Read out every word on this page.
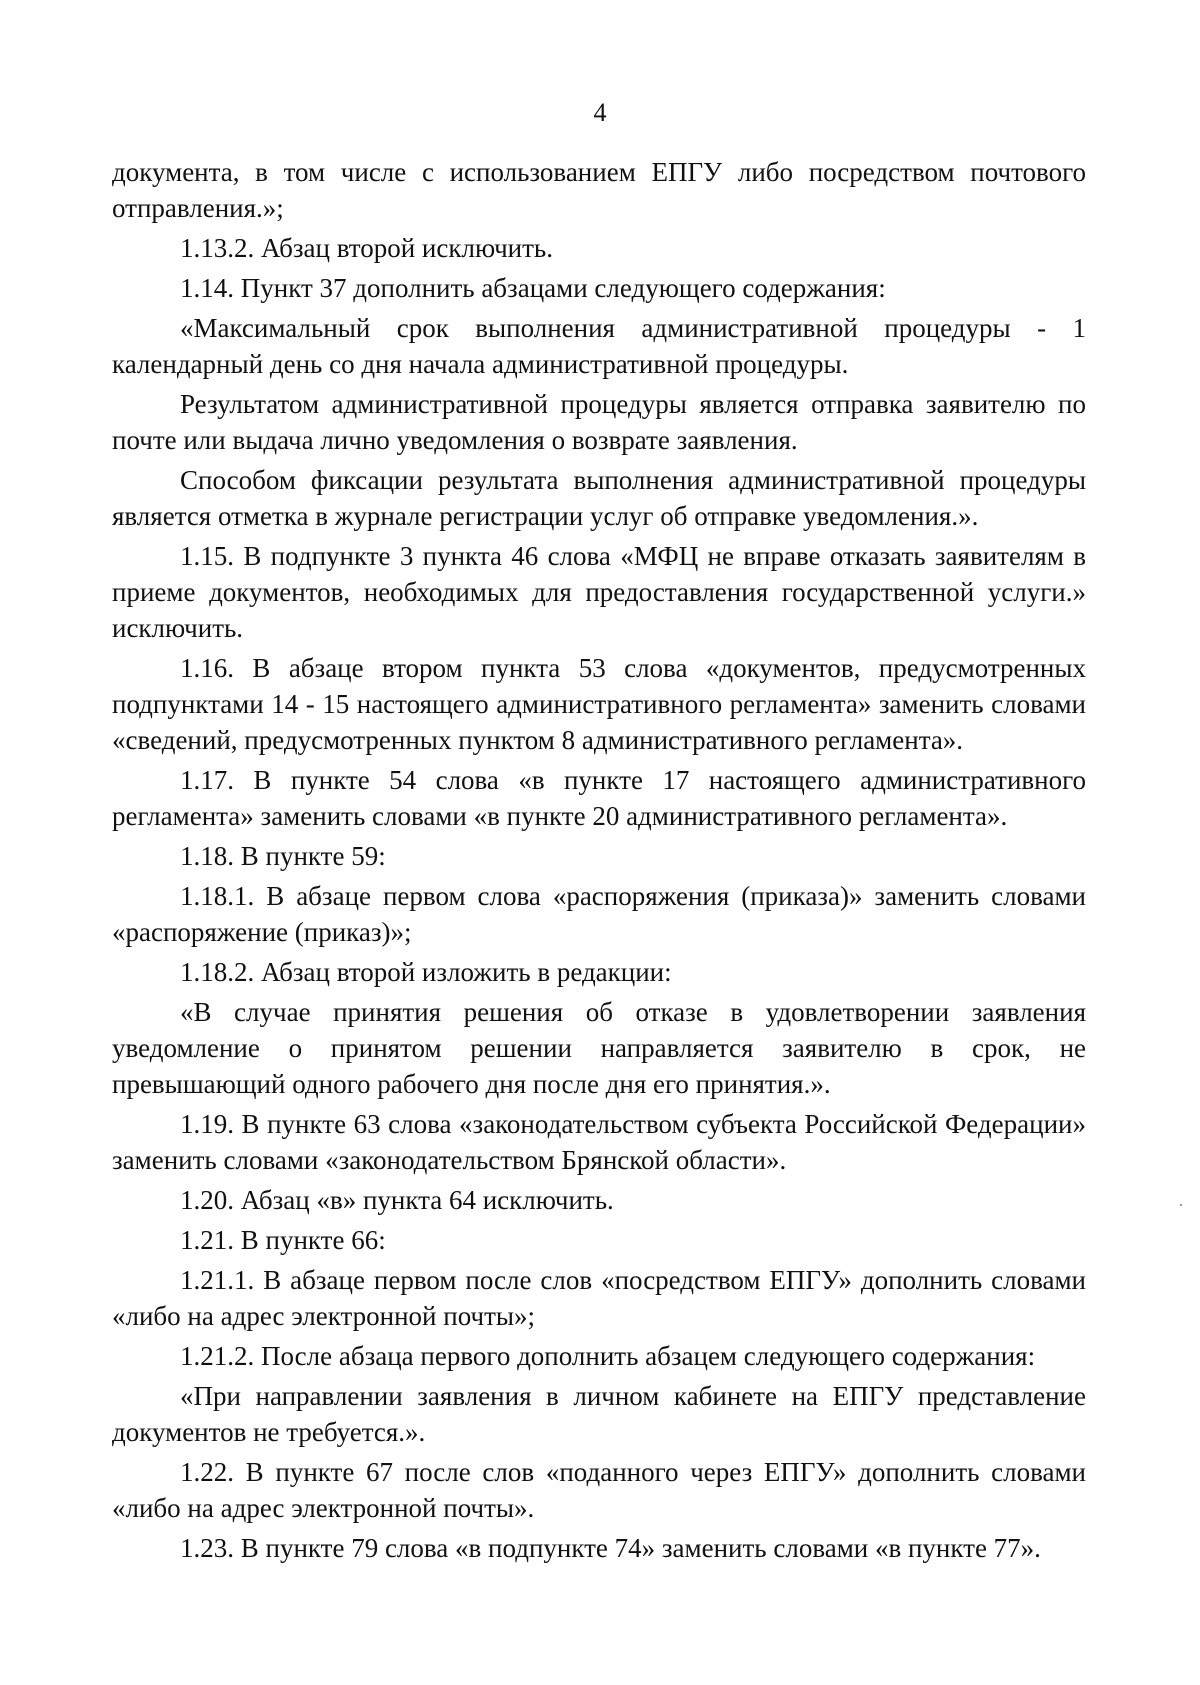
4

документа, в том числе с использованием ЕПГУ либо посредством почтового отправления.»;

1.13.2. Абзац второй исключить.

1.14. Пункт 37 дополнить абзацами следующего содержания:

«Максимальный срок выполнения административной процедуры - 1 календарный день со дня начала административной процедуры.

Результатом административной процедуры является отправка заявителю по почте или выдача лично уведомления о возврате заявления.

Способом фиксации результата выполнения административной процедуры является отметка в журнале регистрации услуг об отправке уведомления.».

1.15. В подпункте 3 пункта 46 слова «МФЦ не вправе отказать заявителям в приеме документов, необходимых для предоставления государственной услуги.» исключить.

1.16. В абзаце втором пункта 53 слова «документов, предусмотренных подпунктами 14 - 15 настоящего административного регламента» заменить словами «сведений, предусмотренных пунктом 8 административного регламента».

1.17. В пункте 54 слова «в пункте 17 настоящего административного регламента» заменить словами «в пункте 20 административного регламента».

1.18. В пункте 59:

1.18.1. В абзаце первом слова «распоряжения (приказа)» заменить словами «распоряжение (приказ)»;

1.18.2. Абзац второй изложить в редакции:

«В случае принятия решения об отказе в удовлетворении заявления уведомление о принятом решении направляется заявителю в срок, не превышающий одного рабочего дня после дня его принятия.».

1.19. В пункте 63 слова «законодательством субъекта Российской Федерации» заменить словами «законодательством Брянской области».

1.20. Абзац «в» пункта 64 исключить.

1.21. В пункте 66:

1.21.1. В абзаце первом после слов «посредством ЕПГУ» дополнить словами «либо на адрес электронной почты»;

1.21.2. После абзаца первого дополнить абзацем следующего содержания:

«При направлении заявления в личном кабинете на ЕПГУ представление документов не требуется.».

1.22. В пункте 67 после слов «поданного через ЕПГУ» дополнить словами «либо на адрес электронной почты».

1.23. В пункте 79 слова «в подпункте 74» заменить словами «в пункте 77».
